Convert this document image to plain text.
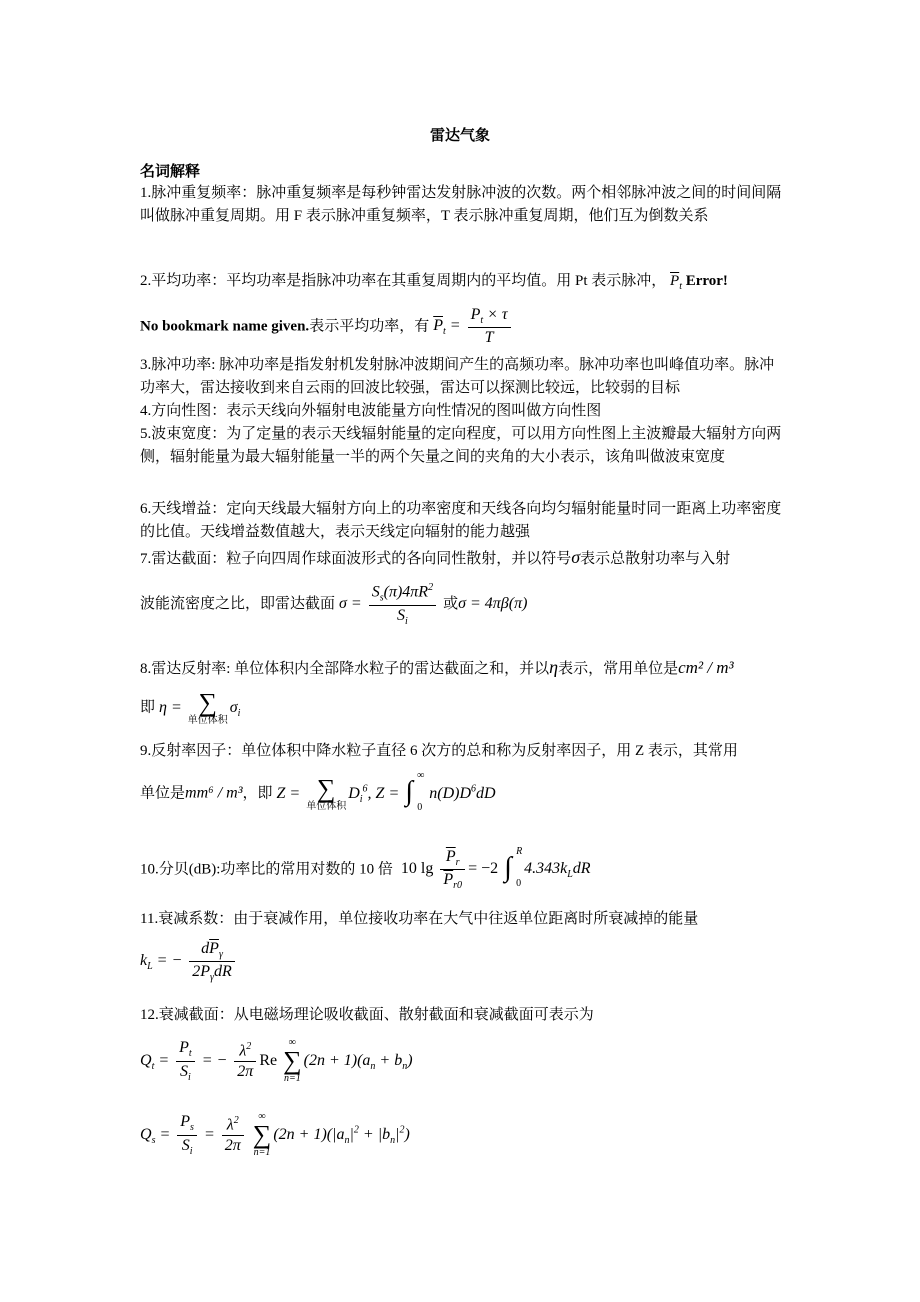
雷达气象
名词解释
1.脉冲重复频率：脉冲重复频率是每秒钟雷达发射脉冲波的次数。两个相邻脉冲波之间的时间间隔叫做脉冲重复周期。用 F 表示脉冲重复频率，T 表示脉冲重复周期，他们互为倒数关系
2.平均功率：平均功率是指脉冲功率在其重复周期内的平均值。用 Pt 表示脉冲， $\overline{P}_t$ Error!
No bookmark name given.表示平均功率，有 $\overline{P}_t = \frac{P_t \times \tau}{T}$
3.脉冲功率: 脉冲功率是指发射机发射脉冲波期间产生的高频功率。脉冲功率也叫峰值功率。脉冲功率大，雷达接收到来自云雨的回波比较强，雷达可以探测比较远，比较弱的目标
4.方向性图：表示天线向外辐射电波能量方向性情况的图叫做方向性图
5.波束宽度：为了定量的表示天线辐射能量的定向程度，可以用方向性图上主波瓣最大辐射方向两侧，辐射能量为最大辐射能量一半的两个矢量之间的夹角的大小表示，该角叫做波束宽度
6.天线增益：定向天线最大辐射方向上的功率密度和天线各向均匀辐射能量时同一距离上功率密度的比值。天线增益数值越大，表示天线定向辐射的能力越强
7.雷达截面：粒子向四周作球面波形式的各向同性散射，并以符号σ表示总散射功率与入射
波能流密度之比，即雷达截面 $\sigma = \frac{S_s(\pi)4\pi R^2}{S_i}$ 或σ = 4πβ(π)
8.雷达反射率: 单位体积内全部降水粒子的雷达截面之和，并以η表示，常用单位是cm² / m³
即 η = ∑
单位体积
$\sigma_i$
9.反射率因子：单位体积中降水粒子直径 6 次方的总和称为反射率因子，用 Z 表示，其常用
单位是mm⁶ / m³，即 Z = ∑
单位体积
$D_i^6$, Z = ∫
∞
0
$n(D)D^6dD$
10.分贝(dB):功率比的常用对数的 10 倍 10 $\lg \frac{\overline{P}_r}{\overline{P}_{r0}} = -2$ ∫
R
0
$4.343k_LdR$
11.衰减系数：由于衰减作用，单位接收功率在大气中往返单位距离时所衰减掉的能量
$k_L$ = − $\frac{d\overline{P}_\gamma}{2P_\gamma dR}$
12.衰减截面：从电磁场理论吸收截面、散射截面和衰减截面可表示为
$Q_t = \frac{P_t}{S_i}$ = − $\frac{\lambda^2}{2\pi}$ Re
∞
∑
n=1
$(2n + 1)(a_n + b_n)$
$Q_s = \frac{P_s}{S_i} = \frac{\lambda^2}{2\pi}$
	∞
∑
n=1
$(2n + 1)(|a_n|^2 + |b_n|^2)$
